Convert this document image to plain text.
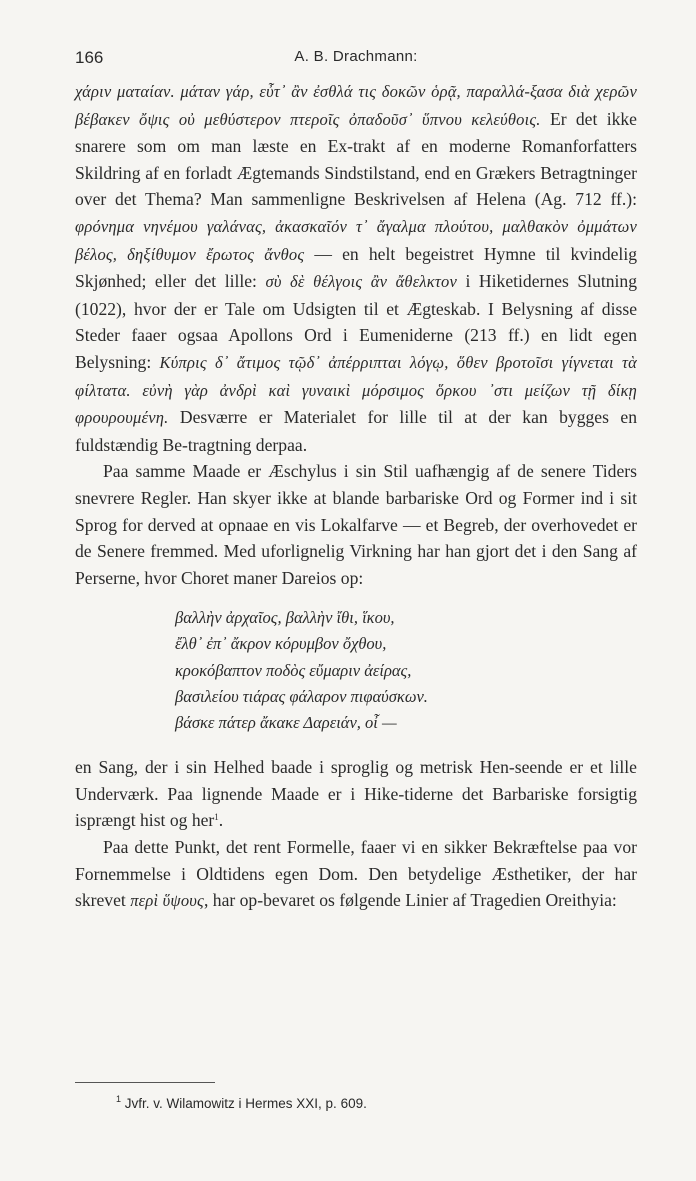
166	A. B. Drachmann:

χάριν ματαίαν. μάταν γάρ, εὖτ᾽ ἂν ἐσθλά τις δοκῶν ὁρᾷ, παραλλά-ξασα διὰ χερῶν βέβακεν ὄψις οὐ μεθύστερον πτεροῖς ὀπαδοῦσ᾽ ὕπνου κελεύθοις. Er det ikke snarere som om man læste en Ex-trakt af en moderne Romanforfatters Skildring af en forladt Ægtemands Sindstilstand, end en Grækers Betragtninger over det Thema? Man sammenligne Beskrivelsen af Helena (Ag. 712 ff.): φρόνημα νηνέμου γαλάνας, ἀκασκαῖόν τ᾽ ἄγαλμα πλούτου, μαλθακὸν ὀμμάτων βέλος, δηξίθυμον ἔρωτος ἄνθος — en helt begeistret Hymne til kvindelig Skjønhed; eller det lille: σὺ δὲ θέλγοις ἂν ἄθελκτον i Hiketidernes Slutning (1022), hvor der er Tale om Udsigten til et Ægteskab. I Belysning af disse Steder faaer ogsaa Apollons Ord i Eumeniderne (213 ff.) en lidt egen Belysning: Κύπρις δ᾽ ἄτιμος τῷδ᾽ ἀπέρριπται λόγῳ, ὅθεν βροτοῖσι γίγνεται τὰ φίλτατα. εὐνὴ γὰρ ἀνδρὶ καὶ γυναικὶ μόρσιμος ὅρκου ᾽στι μείζων τῇ δίκῃ φρουρουμένη. Desværre er Materialet for lille til at der kan bygges en fuldstændig Be-tragtning derpaa.

Paa samme Maade er Æschylus i sin Stil uafhængig af de senere Tiders snevrere Regler. Han skyer ikke at blande barbariske Ord og Former ind i sit Sprog for derved at opnaae en vis Lokalfarve — et Begreb, der overhovedet er de Senere fremmed. Med uforlignelig Virkning har han gjort det i den Sang af Perserne, hvor Choret maner Dareios op:

βαλλὴν ἀρχαῖος, βαλλὴν ἴθι, ἵκου,
ἔλθ᾽ ἐπ᾽ ἄκρον κόρυμβον ὄχθου,
κροκόβαπτον ποδὸς εὔμαριν ἀείρας,
βασιλείου τιάρας φάλαρον πιφαύσκων.
βάσκε πάτερ ἄκακε Δαρειάν, οἶ —

en Sang, der i sin Helhed baade i sproglig og metrisk Hen-seende er et lille Underværk. Paa lignende Maade er i Hike-tiderne det Barbariske forsigtig isprængt hist og her$^1$.

Paa dette Punkt, det rent Formelle, faaer vi en sikker Bekræftelse paa vor Fornemmelse i Oldtidens egen Dom. Den betydelige Æsthetiker, der har skrevet περὶ ὕψους, har op-bevaret os følgende Linier af Tragedien Oreithyia:

$^1$ Jvfr. v. Wilamowitz i Hermes XXI, p. 609.
